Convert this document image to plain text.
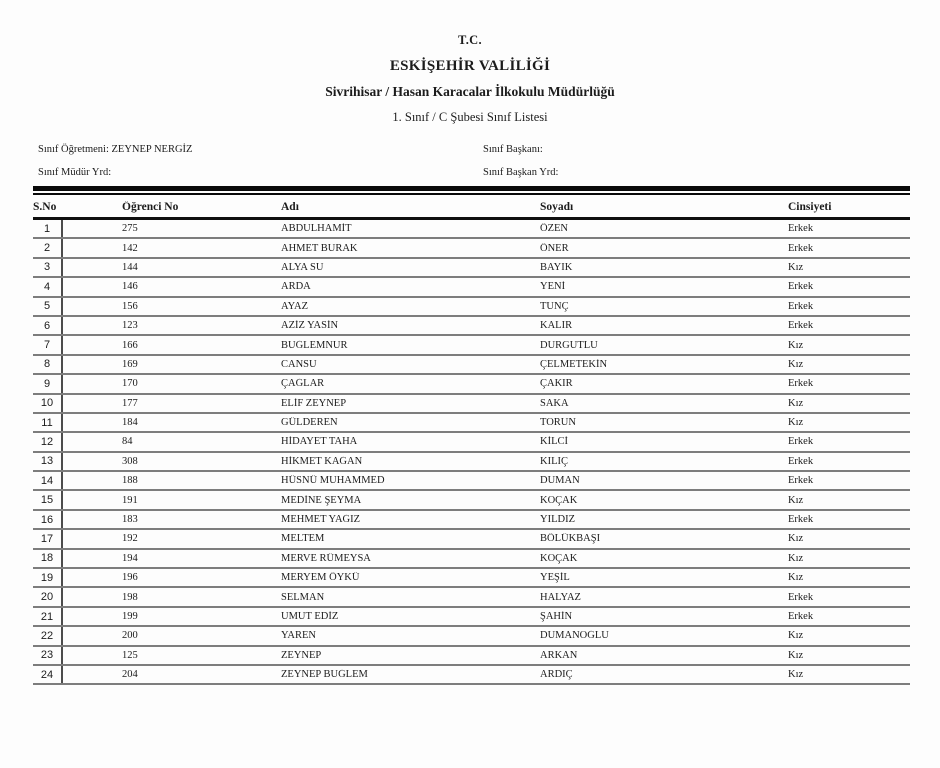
T.C.
ESKİŞEHİR VALİLİĞİ
Sivrihisar / Hasan Karacalar İlkokulu Müdürlüğü
1. Sınıf / C Şubesi Sınıf Listesi
Sınıf Öğretmeni: ZEYNEP NERGİZ	Sınıf Başkanı:
Sınıf Müdür Yrd:	Sınıf Başkan Yrd:
S.No	Öğrenci No	Adı	Soyadı	Cinsiyeti
1	275	ABDULHAMİT	ÖZEN	Erkek
2	142	AHMET BURAK	ÖNER	Erkek
3	144	ALYA SU	BAYIK	Kız
4	146	ARDA	YENİ	Erkek
5	156	AYAZ	TUNÇ	Erkek
6	123	AZİZ YASİN	KALIR	Erkek
7	166	BUĞLEMNUR	DURGUTLU	Kız
8	169	CANSU	ÇELMETEKİN	Kız
9	170	ÇAĞLAR	ÇAKIR	Erkek
10	177	ELİF ZEYNEP	SAKA	Kız
11	184	GÜLDEREN	TORUN	Kız
12	84	HİDAYET TAHA	KİLCİ	Erkek
13	308	HİKMET KAĞAN	KILIÇ	Erkek
14	188	HÜSNÜ MUHAMMED	DUMAN	Erkek
15	191	MEDİNE ŞEYMA	KOÇAK	Kız
16	183	MEHMET YAĞIZ	YILDIZ	Erkek
17	192	MELTEM	BÖLÜKBAŞI	Kız
18	194	MERVE RÜMEYSA	KOÇAK	Kız
19	196	MERYEM ÖYKÜ	YEŞİL	Kız
20	198	SELMAN	HALYAZ	Erkek
21	199	UMUT EDİZ	ŞAHİN	Erkek
22	200	YAREN	DUMANOĞLU	Kız
23	125	ZEYNEP	ARKAN	Kız
24	204	ZEYNEP BUĞLEM	ARDIÇ	Kız
